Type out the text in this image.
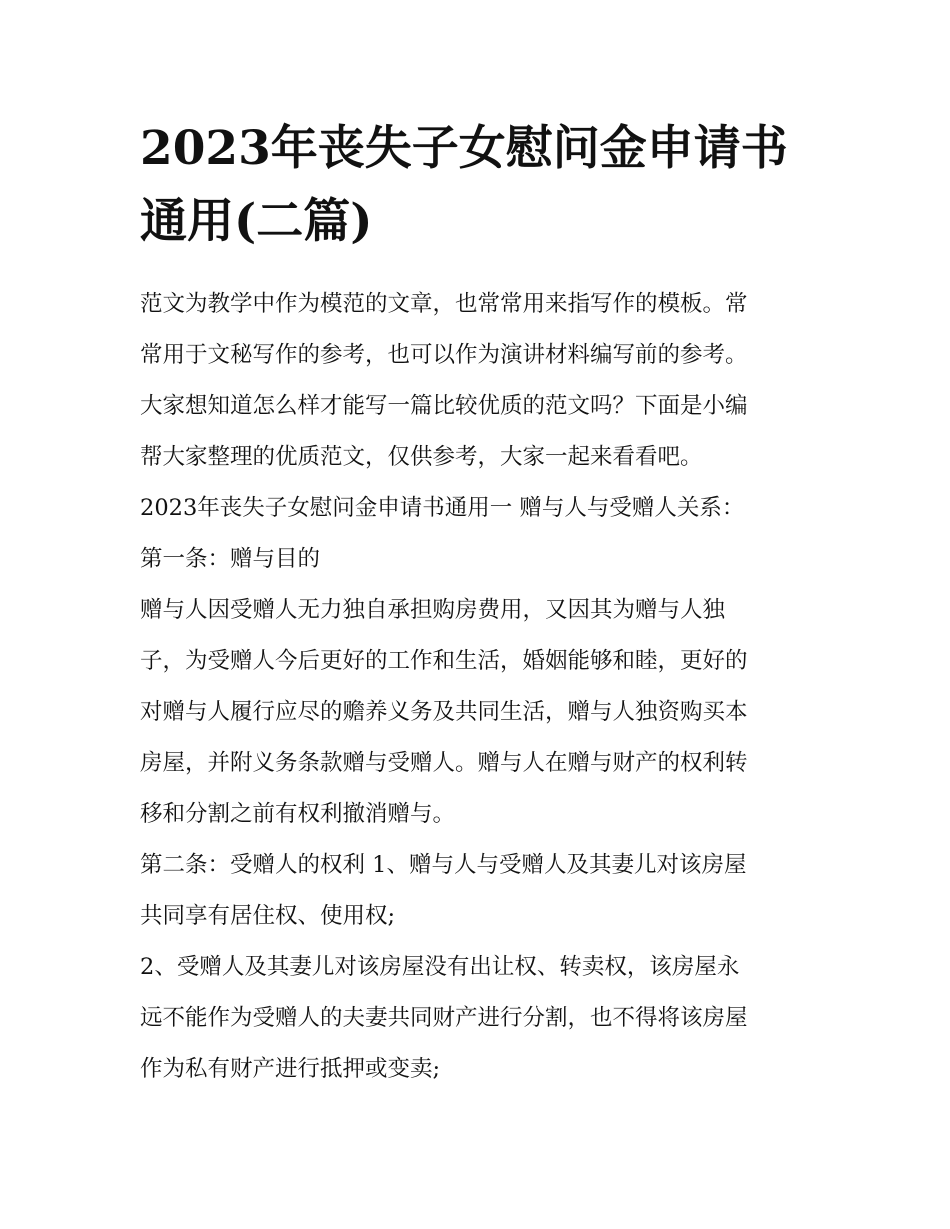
2023年丧失子女慰问金申请书
通用(二篇)
范文为教学中作为模范的文章，也常常用来指写作的模板。常
常用于文秘写作的参考，也可以作为演讲材料编写前的参考。
大家想知道怎么样才能写一篇比较优质的范文吗？下面是小编
帮大家整理的优质范文，仅供参考，大家一起来看看吧。
2023年丧失子女慰问金申请书通用一 赠与人与受赠人关系：
第一条：赠与目的
赠与人因受赠人无力独自承担购房费用，又因其为赠与人独
子，为受赠人今后更好的工作和生活，婚姻能够和睦，更好的
对赠与人履行应尽的赡养义务及共同生活，赠与人独资购买本
房屋，并附义务条款赠与受赠人。赠与人在赠与财产的权利转
移和分割之前有权利撤消赠与。
第二条：受赠人的权利 1、赠与人与受赠人及其妻儿对该房屋
共同享有居住权、使用权;
2、受赠人及其妻儿对该房屋没有出让权、转卖权，该房屋永
远不能作为受赠人的夫妻共同财产进行分割，也不得将该房屋
作为私有财产进行抵押或变卖;
